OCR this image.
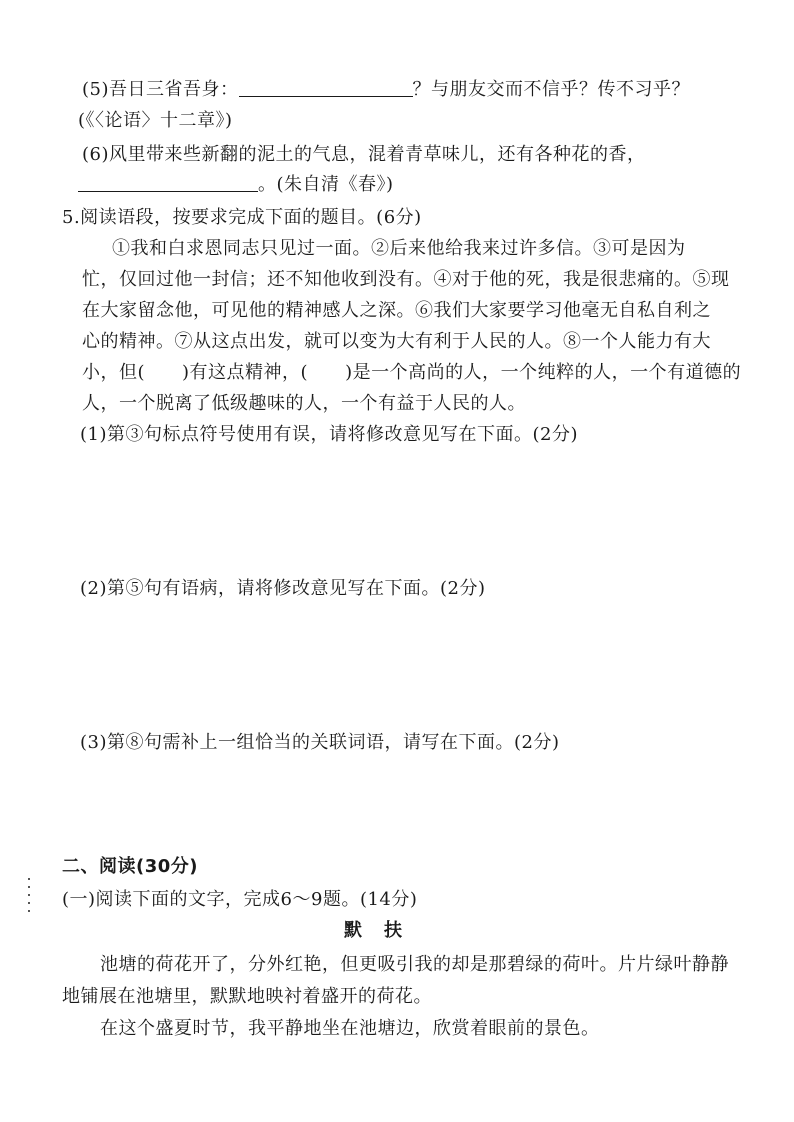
(5)吾日三省吾身：	？与朋友交而不信乎？传不习乎？
(《〈论语〉十二章》)
(6)风里带来些新翻的泥土的气息，混着青草味儿，还有各种花的香，
。(朱自清《春》)
5.阅读语段，按要求完成下面的题目。(6分)
①我和白求恩同志只见过一面。②后来他给我来过许多信。③可是因为
忙，仅回过他一封信；还不知他收到没有。④对于他的死，我是很悲痛的。⑤现
在大家留念他，可见他的精神感人之深。⑥我们大家要学习他毫无自私自利之
心的精神。⑦从这点出发，就可以变为大有利于人民的人。⑧一个人能力有大
小，但(　　)有这点精神，(　　)是一个高尚的人，一个纯粹的人，一个有道德的
人，一个脱离了低级趣味的人，一个有益于人民的人。
(1)第③句标点符号使用有误，请将修改意见写在下面。(2分)
(2)第⑤句有语病，请将修改意见写在下面。(2分)
(3)第⑧句需补上一组恰当的关联词语，请写在下面。(2分)
二、阅读(30分)
(一)阅读下面的文字，完成6～9题。(14分)
默扶
池塘的荷花开了，分外红艳，但更吸引我的却是那碧绿的荷叶。片片绿叶静静
地铺展在池塘里，默默地映衬着盛开的荷花。
在这个盛夏时节，我平静地坐在池塘边，欣赏着眼前的景色。
